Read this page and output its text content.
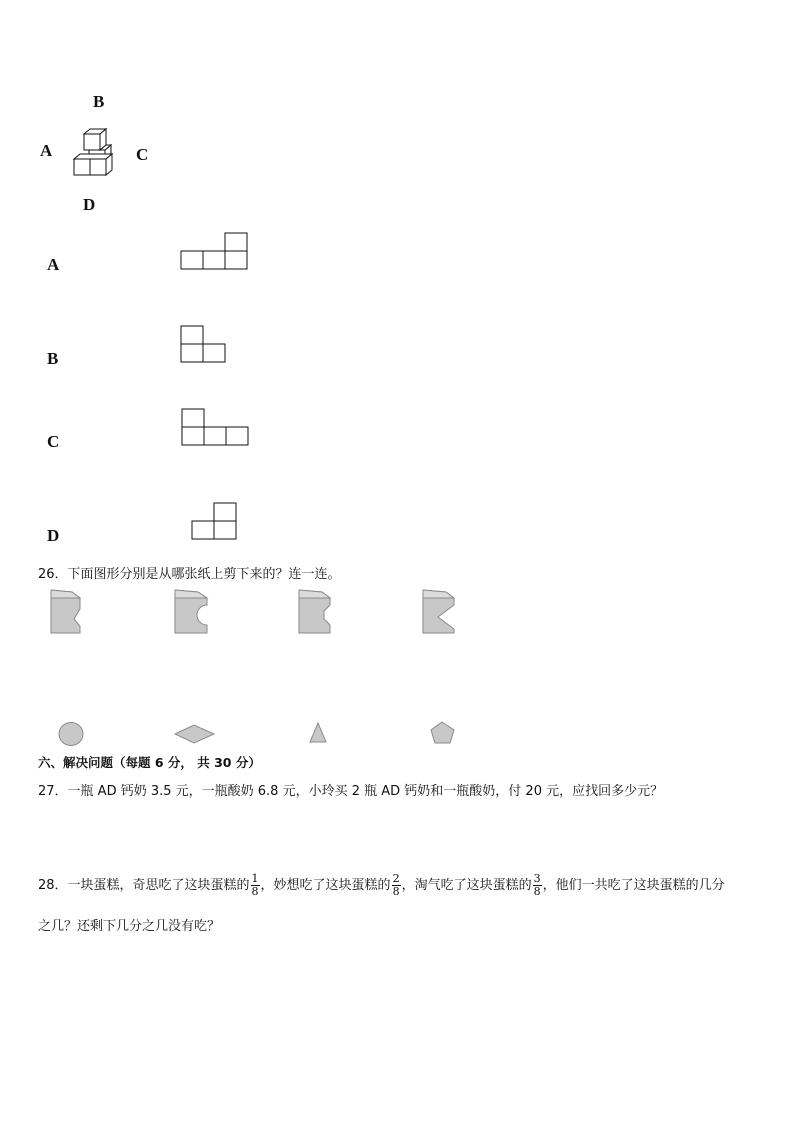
B
A	C
D
A
B
C
D
26．下面图形分别是从哪张纸上剪下来的？连一连。
六、解决问题（每题 6 分， 共 30 分）
27．一瓶 AD 钙奶 3.5 元，一瓶酸奶 6.8 元，小玲买 2 瓶 AD 钙奶和一瓶酸奶，付 20 元，应找回多少元？
28．一块蛋糕，奇思吃了这块蛋糕的 $\frac{1}{8}$ ，妙想吃了这块蛋糕的 $\frac{2}{8}$ ，淘气吃了这块蛋糕的 $\frac{3}{8}$ ，他们一共吃了这块蛋糕的几分
之几？还剩下几分之几没有吃？
